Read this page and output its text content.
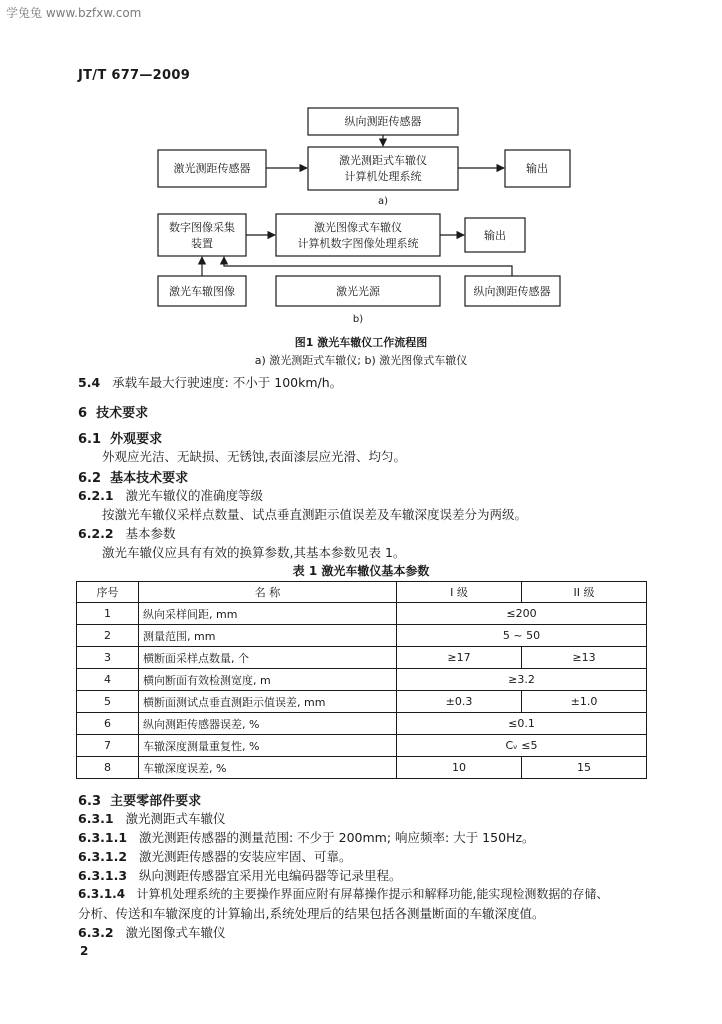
学兔兔 www.bzfxw.com
JT/T 677—2009
纵向测距传感器
激光测距传感器
激光测距式车辙仪
计算机处理系统
输出
a)
数字图像采集
装置
激光图像式车辙仪
计算机数字图像处理系统
输出
激光车辙图像	激光光源	纵向测距传感器
b)
图1 激光车辙仪工作流程图
a) 激光测距式车辙仪; b) 激光图像式车辙仪
5.4 承载车最大行驶速度: 不小于 100km/h。
6 技术要求
6.1 外观要求
外观应光洁、无缺损、无锈蚀,表面漆层应光滑、均匀。
6.2 基本技术要求
6.2.1 激光车辙仪的准确度等级
按激光车辙仪采样点数量、试点垂直测距示值误差及车辙深度误差分为两级。
6.2.2 基本参数
激光车辙仪应具有有效的换算参数,其基本参数见表 1。
表 1 激光车辙仪基本参数
序号	名 称	I 级	II 级
1	纵向采样间距, mm	≤200	
2	测量范围, mm	5 ~ 50	
3	横断面采样点数量, 个	≥17	≥13
4	横向断面有效检测宽度, m	≥3.2	
5	横断面测试点垂直测距示值误差, mm	±0.3	±1.0
6	纵向测距传感器误差, %	≤0.1	
7	车辙深度测量重复性, %	Cᵥ ≤5	
8	车辙深度误差, %	10	15
6.3 主要零部件要求
6.3.1 激光测距式车辙仪
6.3.1.1 激光测距传感器的测量范围: 不少于 200mm; 响应频率: 大于 150Hz。
6.3.1.2 激光测距传感器的安装应牢固、可靠。
6.3.1.3 纵向测距传感器宜采用光电编码器等记录里程。
6.3.1.4 计算机处理系统的主要操作界面应附有屏幕操作提示和解释功能,能实现检测数据的存储、
分析、传送和车辙深度的计算输出,系统处理后的结果包括各测量断面的车辙深度值。
6.3.2 激光图像式车辙仪
2
